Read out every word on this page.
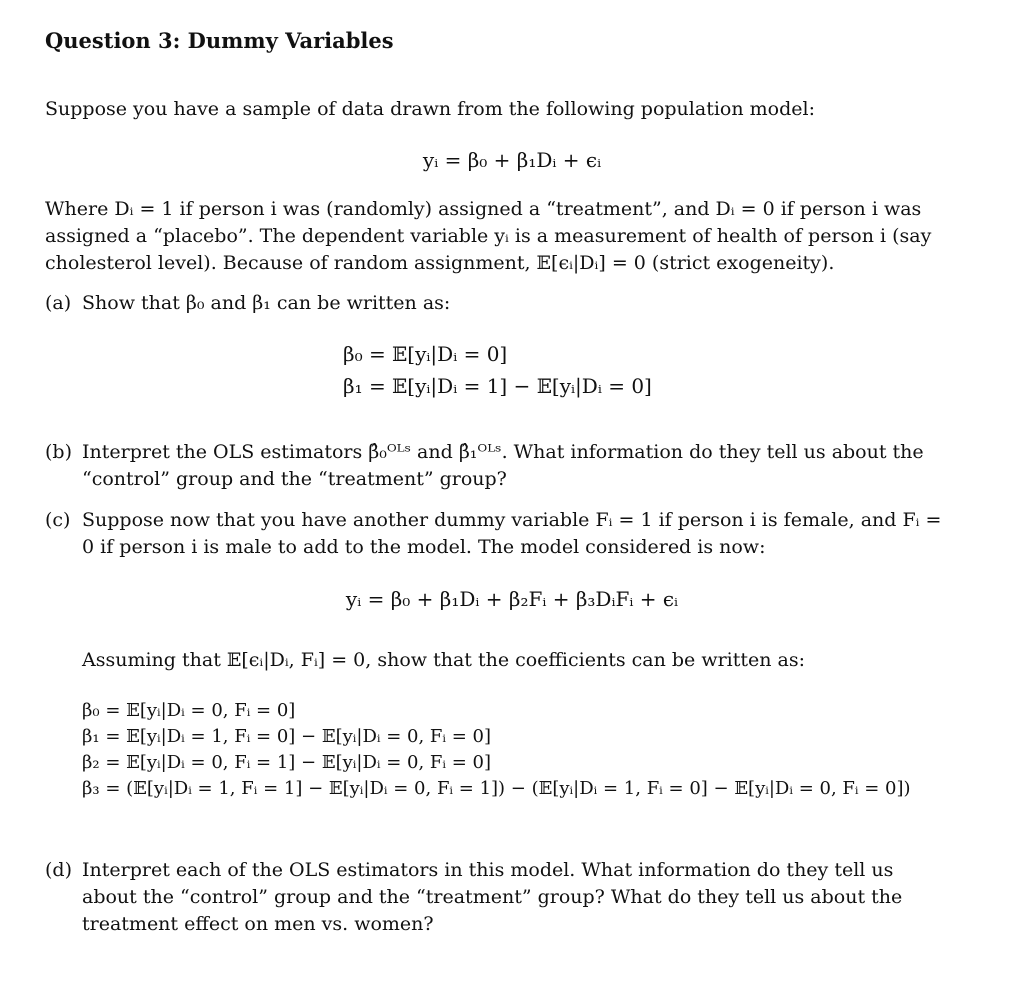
Question 3: Dummy Variables
Suppose you have a sample of data drawn from the following population model:
yᵢ = β₀ + β₁Dᵢ + ϵᵢ
Where Dᵢ = 1 if person i was (randomly) assigned a “treatment”, and Dᵢ = 0 if person i was assigned a “placebo”. The dependent variable yᵢ is a measurement of health of person i (say cholesterol level). Because of random assignment, 𝔼[ϵᵢ|Dᵢ] = 0 (strict exogeneity).
(a) Show that β₀ and β₁ can be written as:
β₀ = 𝔼[yᵢ|Dᵢ = 0]
β₁ = 𝔼[yᵢ|Dᵢ = 1] − 𝔼[yᵢ|Dᵢ = 0]
(b) Interpret the OLS estimators β̂₀ᴼᴸˢ and β̂₁ᴼᴸˢ. What information do they tell us about the “control” group and the “treatment” group?
(c) Suppose now that you have another dummy variable Fᵢ = 1 if person i is female, and Fᵢ = 0 if person i is male to add to the model. The model considered is now:
yᵢ = β₀ + β₁Dᵢ + β₂Fᵢ + β₃DᵢFᵢ + ϵᵢ
Assuming that 𝔼[ϵᵢ|Dᵢ, Fᵢ] = 0, show that the coefficients can be written as:
β₀ = 𝔼[yᵢ|Dᵢ = 0, Fᵢ = 0]
β₁ = 𝔼[yᵢ|Dᵢ = 1, Fᵢ = 0] − 𝔼[yᵢ|Dᵢ = 0, Fᵢ = 0]
β₂ = 𝔼[yᵢ|Dᵢ = 0, Fᵢ = 1] − 𝔼[yᵢ|Dᵢ = 0, Fᵢ = 0]
β₃ = (𝔼[yᵢ|Dᵢ = 1, Fᵢ = 1] − 𝔼[yᵢ|Dᵢ = 0, Fᵢ = 1]) − (𝔼[yᵢ|Dᵢ = 1, Fᵢ = 0] − 𝔼[yᵢ|Dᵢ = 0, Fᵢ = 0])
(d) Interpret each of the OLS estimators in this model. What information do they tell us about the “control” group and the “treatment” group? What do they tell us about the treatment effect on men vs. women?
